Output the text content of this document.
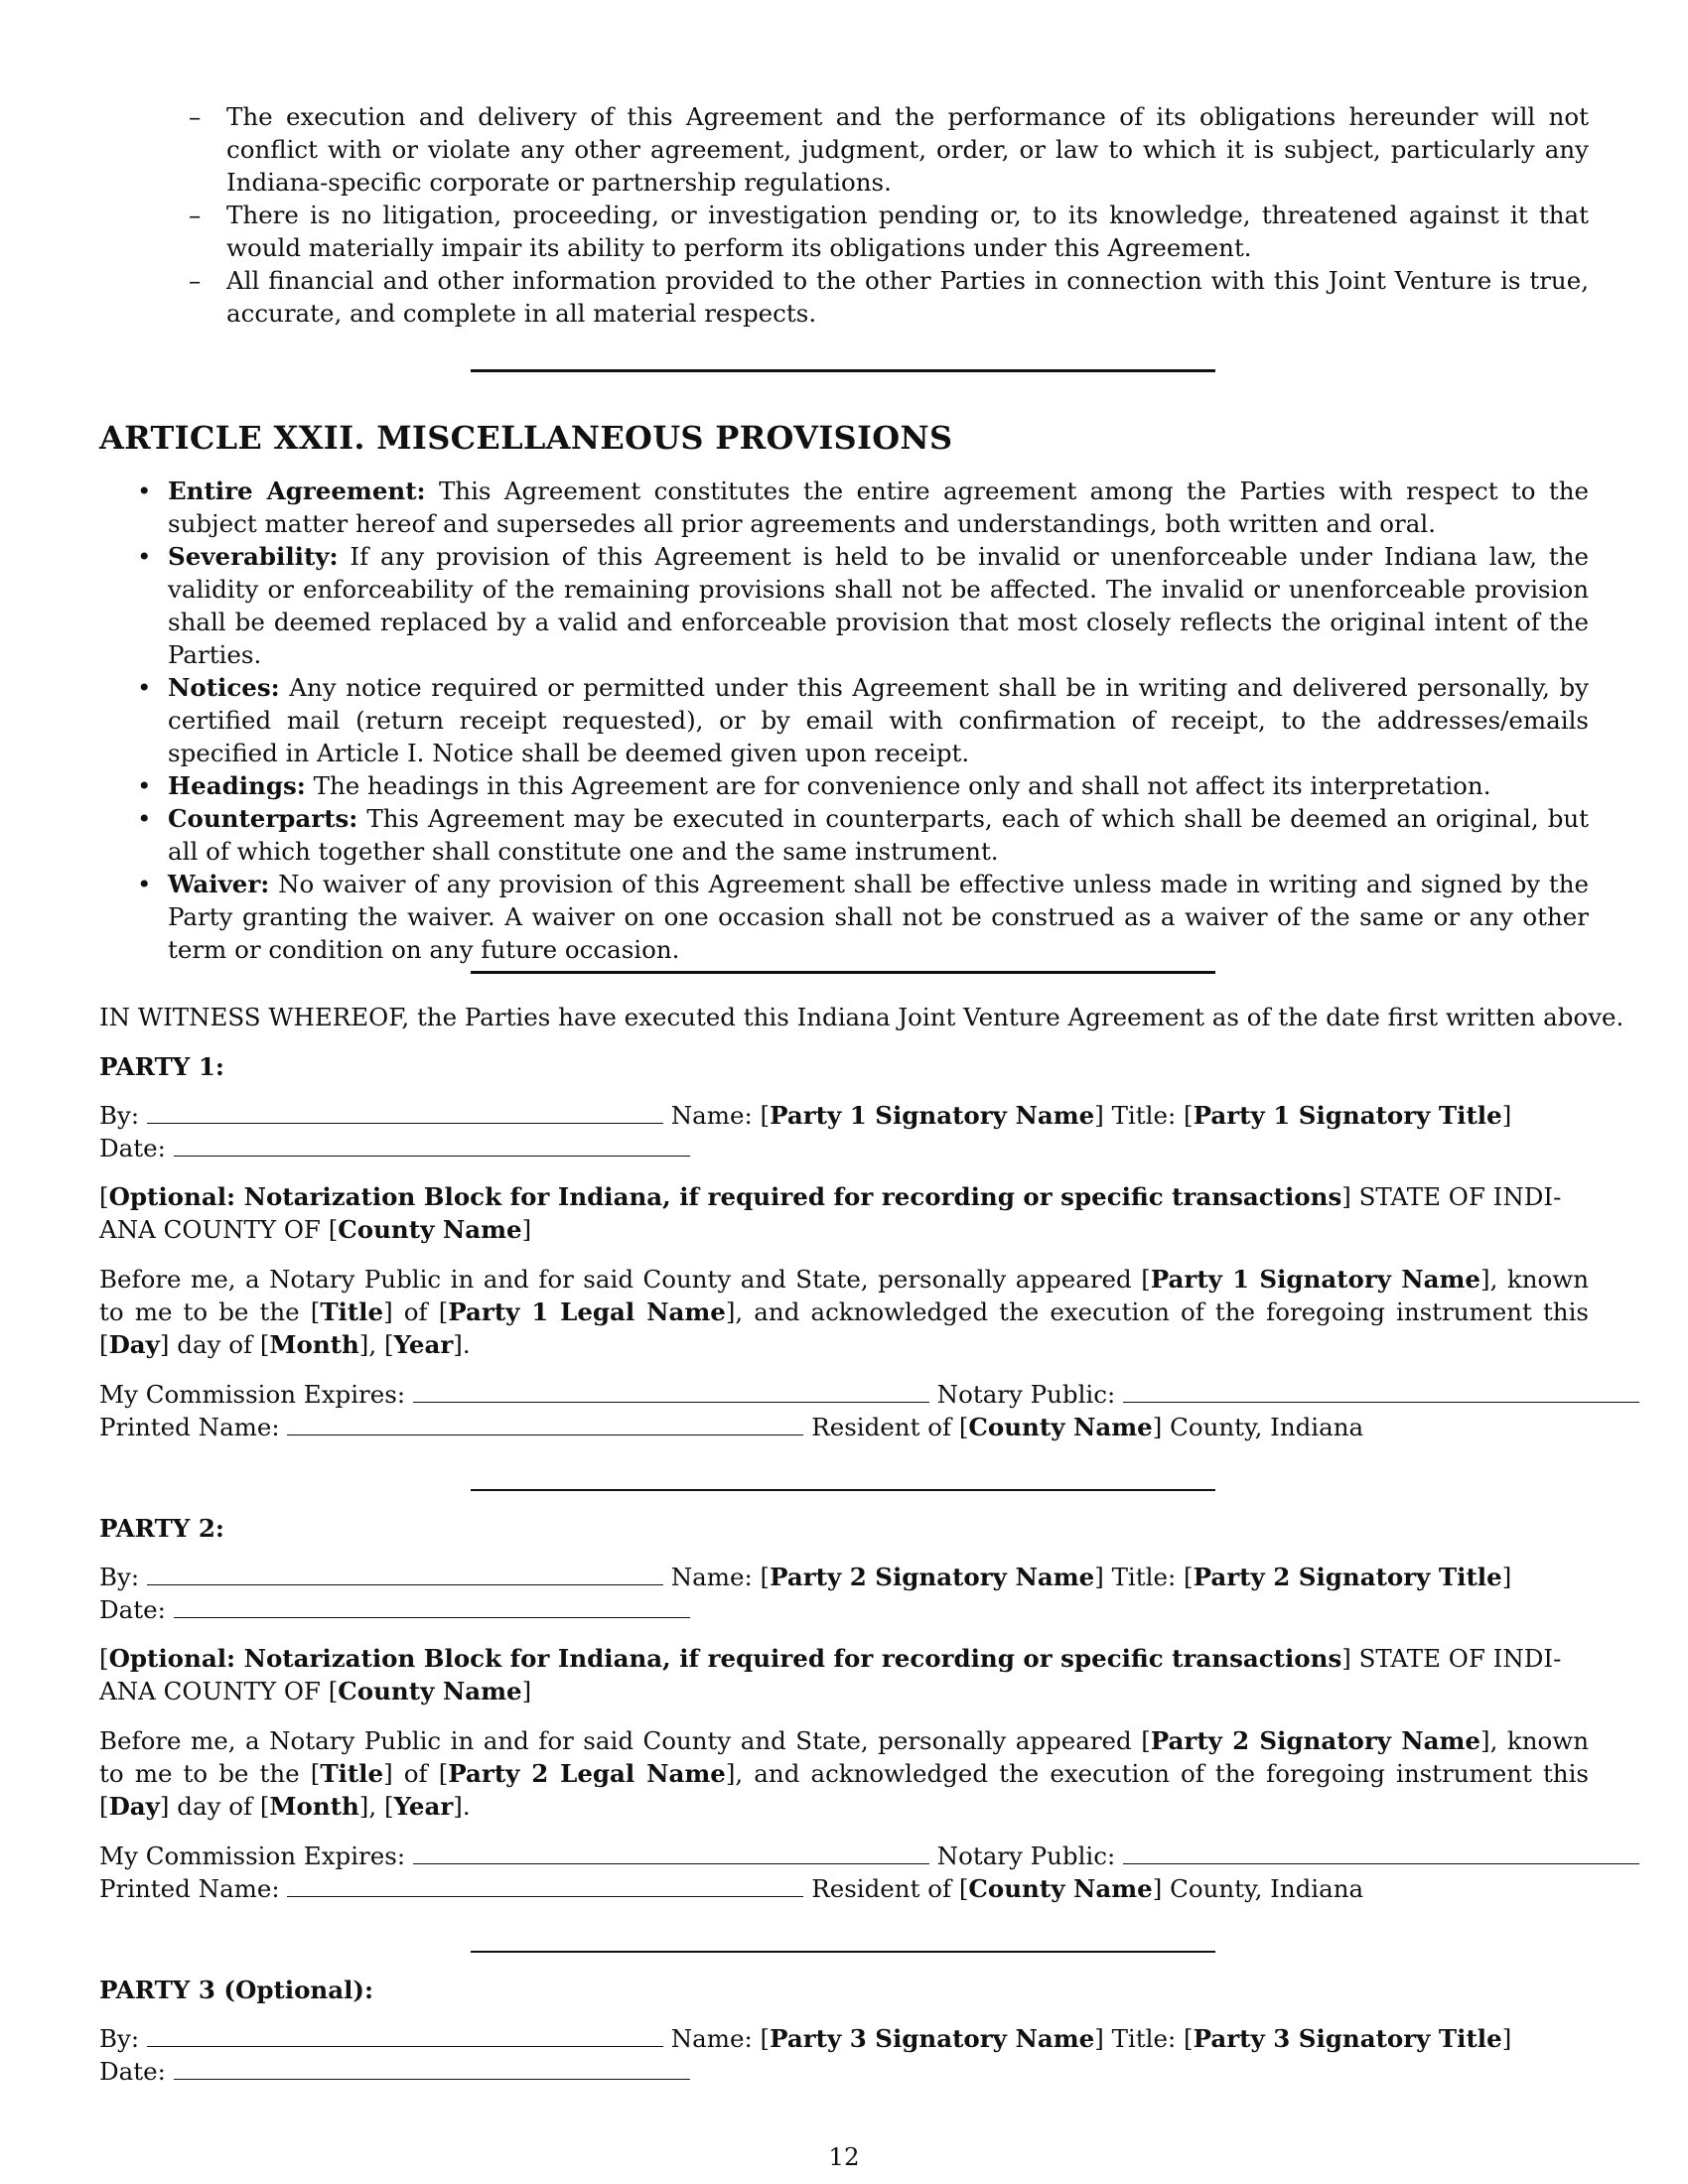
– The execution and delivery of this Agreement and the performance of its obligations hereunder will not conflict with or violate any other agreement, judgment, order, or law to which it is subject, particularly any Indiana-specific corporate or partnership regulations.
– There is no litigation, proceeding, or investigation pending or, to its knowledge, threatened against it that would materially impair its ability to perform its obligations under this Agreement.
– All financial and other information provided to the other Parties in connection with this Joint Venture is true, accurate, and complete in all material respects.
ARTICLE XXII. MISCELLANEOUS PROVISIONS
• Entire Agreement: This Agreement constitutes the entire agreement among the Parties with respect to the subject matter hereof and supersedes all prior agreements and understandings, both written and oral.
• Severability: If any provision of this Agreement is held to be invalid or unenforceable under Indiana law, the validity or enforceability of the remaining provisions shall not be affected. The invalid or unenforceable provision shall be deemed replaced by a valid and enforceable provision that most closely reflects the original intent of the Parties.
• Notices: Any notice required or permitted under this Agreement shall be in writing and delivered personally, by certified mail (return receipt requested), or by email with confirmation of receipt, to the addresses/emails specified in Article I. Notice shall be deemed given upon receipt.
• Headings: The headings in this Agreement are for convenience only and shall not affect its interpretation.
• Counterparts: This Agreement may be executed in counterparts, each of which shall be deemed an original, but all of which together shall constitute one and the same instrument.
• Waiver: No waiver of any provision of this Agreement shall be effective unless made in writing and signed by the Party granting the waiver. A waiver on one occasion shall not be construed as a waiver of the same or any other term or condition on any future occasion.
IN WITNESS WHEREOF, the Parties have executed this Indiana Joint Venture Agreement as of the date first written above.
PARTY 1:
By:	Name: [Party 1 Signatory Name] Title: [Party 1 Signatory Title]
Date:
[Optional: Notarization Block for Indiana, if required for recording or specific transactions] STATE OF INDI-
ANA COUNTY OF [County Name]
Before me, a Notary Public in and for said County and State, personally appeared [Party 1 Signatory Name], known to me to be the [Title] of [Party 1 Legal Name], and acknowledged the execution of the foregoing instrument this [Day] day of [Month], [Year].
My Commission Expires:	Notary Public:
Printed Name:	Resident of [County Name] County, Indiana
PARTY 2:
By:	Name: [Party 2 Signatory Name] Title: [Party 2 Signatory Title]
Date:
[Optional: Notarization Block for Indiana, if required for recording or specific transactions] STATE OF INDI-
ANA COUNTY OF [County Name]
Before me, a Notary Public in and for said County and State, personally appeared [Party 2 Signatory Name], known to me to be the [Title] of [Party 2 Legal Name], and acknowledged the execution of the foregoing instrument this [Day] day of [Month], [Year].
My Commission Expires:	Notary Public:
Printed Name:	Resident of [County Name] County, Indiana
PARTY 3 (Optional):
By:	Name: [Party 3 Signatory Name] Title: [Party 3 Signatory Title]
Date:
12
